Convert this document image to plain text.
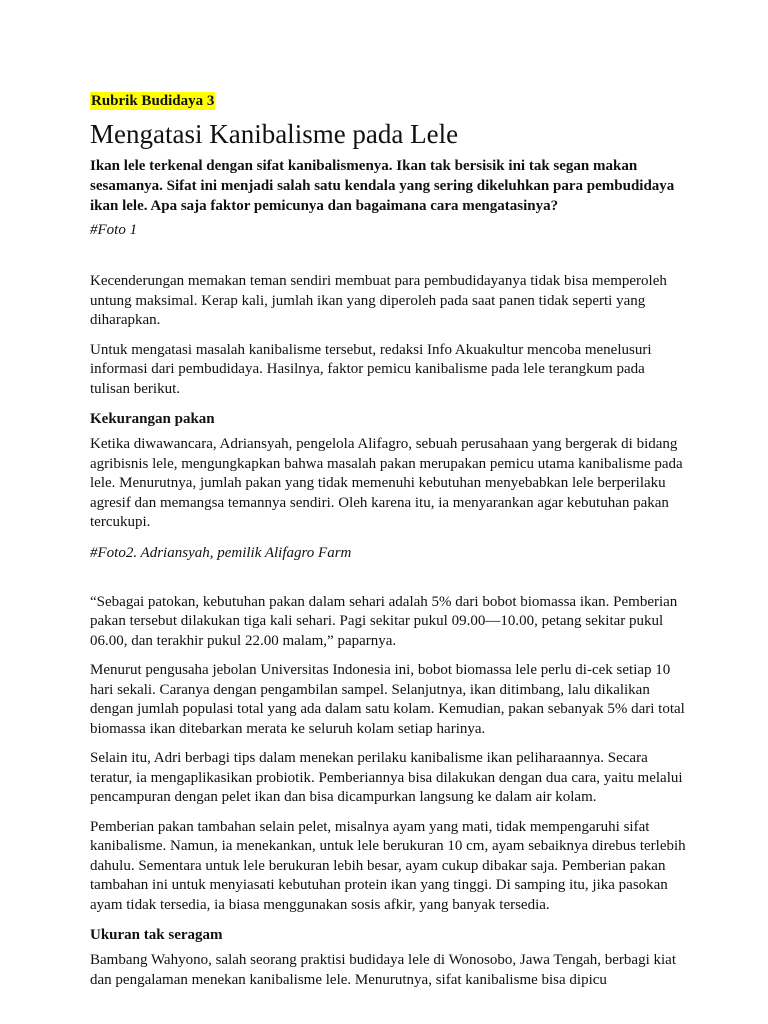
Rubrik Budidaya 3
Mengatasi Kanibalisme pada Lele

Ikan lele terkenal dengan sifat kanibalismenya. Ikan tak bersisik ini tak segan makan sesamanya. Sifat ini menjadi salah satu kendala yang sering dikeluhkan para pembudidaya ikan lele. Apa saja faktor pemicunya dan bagaimana cara mengatasinya?

#Foto 1

Kecenderungan memakan teman sendiri membuat para pembudidayanya tidak bisa memperoleh untung maksimal. Kerap kali, jumlah ikan yang diperoleh pada saat panen tidak seperti yang diharapkan.

Untuk mengatasi masalah kanibalisme tersebut, redaksi Info Akuakultur mencoba menelusuri informasi dari pembudidaya. Hasilnya, faktor pemicu kanibalisme pada lele terangkum pada tulisan berikut.

Kekurangan pakan

Ketika diwawancara, Adriansyah, pengelola Alifagro, sebuah perusahaan yang bergerak di bidang agribisnis lele, mengungkapkan bahwa masalah pakan merupakan pemicu utama kanibalisme pada lele. Menurutnya, jumlah pakan yang tidak memenuhi kebutuhan menyebabkan lele berperilaku agresif dan memangsa temannya sendiri. Oleh karena itu, ia menyarankan agar kebutuhan pakan tercukupi.

#Foto2. Adriansyah, pemilik Alifagro Farm

“Sebagai patokan, kebutuhan pakan dalam sehari adalah 5% dari bobot biomassa ikan. Pemberian pakan tersebut dilakukan tiga kali sehari. Pagi sekitar pukul 09.00—10.00, petang sekitar pukul 06.00, dan terakhir pukul 22.00 malam,” paparnya.

Menurut pengusaha jebolan Universitas Indonesia ini, bobot biomassa lele perlu di-cek setiap 10 hari sekali. Caranya dengan pengambilan sampel. Selanjutnya, ikan ditimbang, lalu dikalikan dengan jumlah populasi total yang ada dalam satu kolam. Kemudian, pakan sebanyak 5% dari total biomassa ikan ditebarkan merata ke seluruh kolam setiap harinya.

Selain itu, Adri berbagi tips dalam menekan perilaku kanibalisme ikan peliharaannya. Secara teratur, ia mengaplikasikan probiotik. Pemberiannya bisa dilakukan dengan dua cara, yaitu melalui pencampuran dengan pelet ikan dan bisa dicampurkan langsung ke dalam air kolam.

Pemberian pakan tambahan selain pelet, misalnya ayam yang mati, tidak mempengaruhi sifat kanibalisme. Namun, ia menekankan, untuk lele berukuran 10 cm, ayam sebaiknya direbus terlebih dahulu. Sementara untuk lele berukuran lebih besar, ayam cukup dibakar saja. Pemberian pakan tambahan ini untuk menyiasati kebutuhan protein ikan yang tinggi. Di samping itu, jika pasokan ayam tidak tersedia, ia biasa menggunakan sosis afkir, yang banyak tersedia.

Ukuran tak seragam

Bambang Wahyono, salah seorang praktisi budidaya lele di Wonosobo, Jawa Tengah, berbagi kiat dan pengalaman menekan kanibalisme lele. Menurutnya, sifat kanibalisme bisa dipicu
